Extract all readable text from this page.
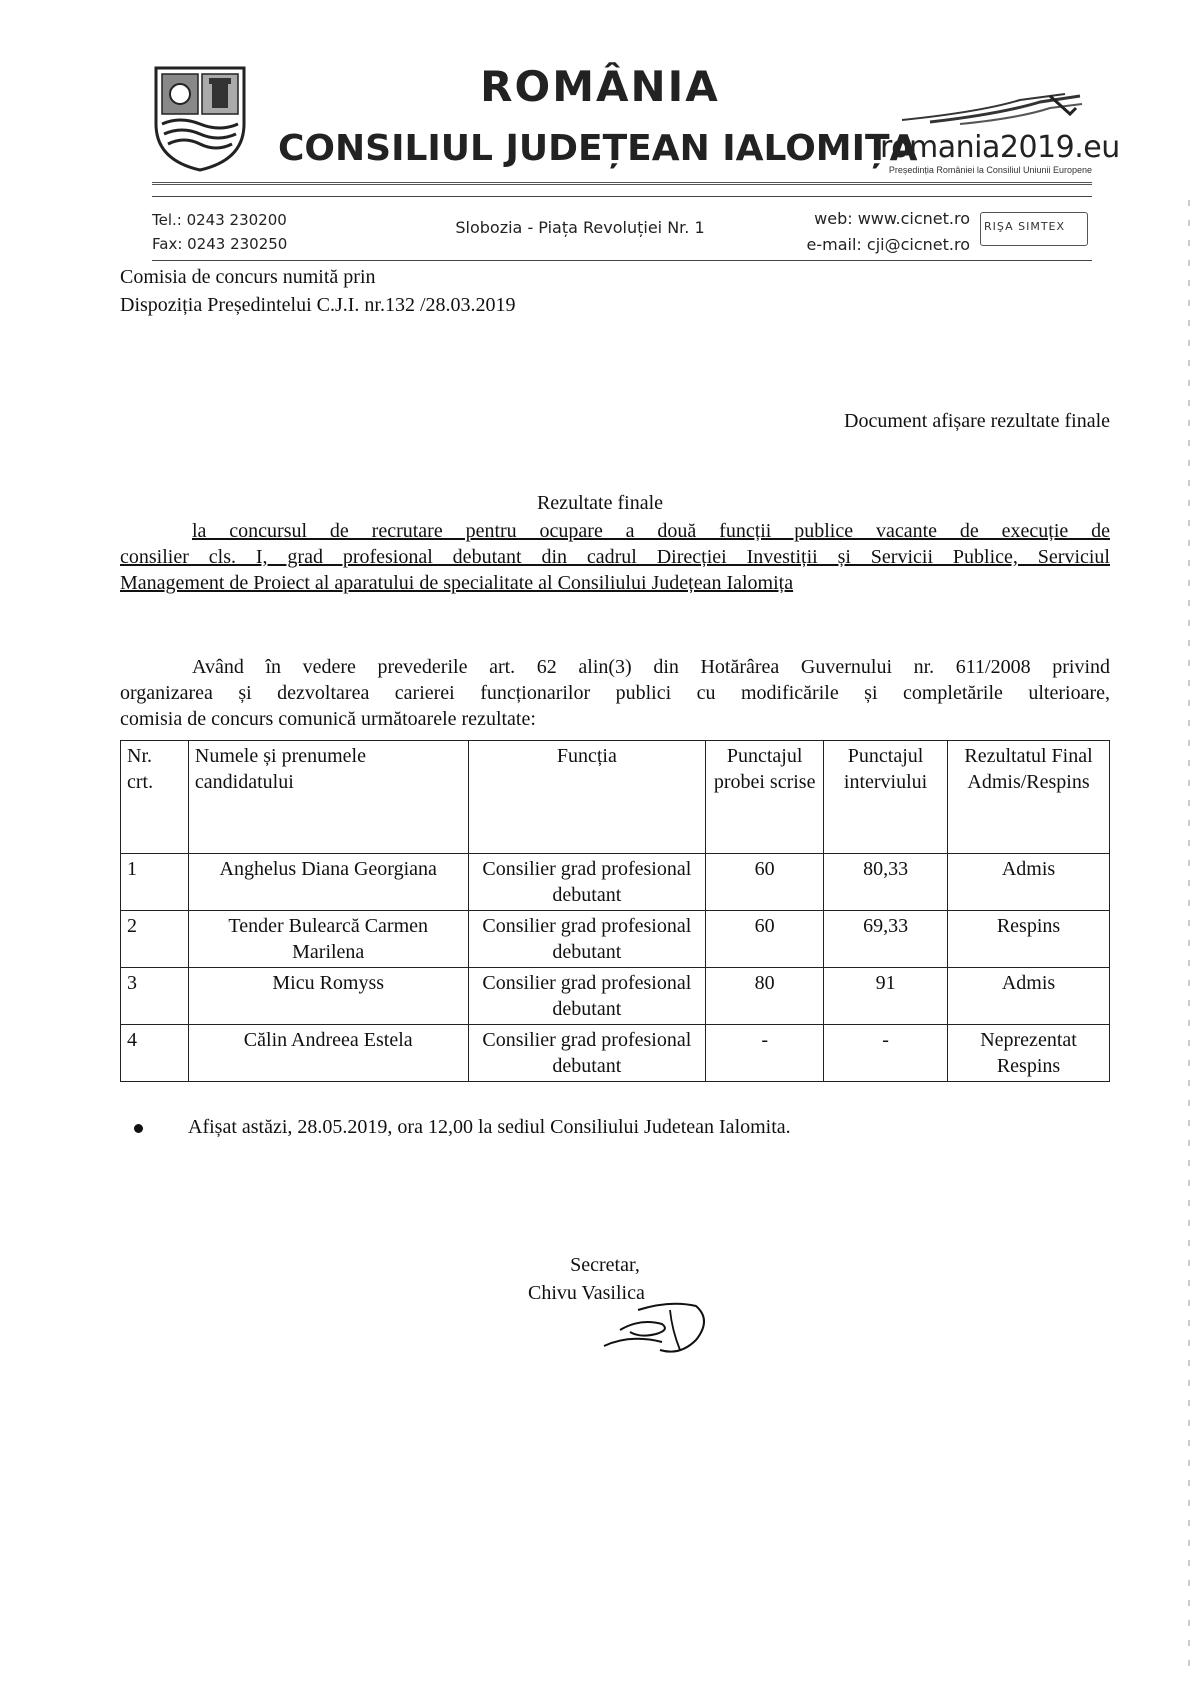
ROMÂNIA
CONSILIUL JUDEȚEAN IALOMIȚA
romania2019.eu
Președinția României la Consiliul Uniunii Europene
Tel.: 0243 230200
Fax: 0243 230250
Slobozia - Piața Revoluției Nr. 1	web: www.cicnet.ro
e-mail: cji@cicnet.ro
RIŞA SIMTEX
Comisia de concurs numită prin
Dispoziția Președintelui C.J.I. nr.132 /28.03.2019
Document afișare rezultate finale
Rezultate finale
la concursul de recrutare pentru ocupare a două funcții publice vacante de execuție de
consilier cls. I, grad profesional debutant din cadrul Direcției Investiții și Servicii Publice, Serviciul
Management de Proiect al aparatului de specialitate al Consiliului Județean Ialomița
Având în vedere prevederile art. 62 alin(3) din Hotărârea Guvernului nr. 611/2008 privind
organizarea și dezvoltarea carierei funcționarilor publici cu modificările și completările ulterioare,
comisia de concurs comunică următoarele rezultate:
Nr. crt.	Numele și prenumele candidatului	Funcția	Punctajul probei scrise	Punctajul interviului	Rezultatul Final Admis/Respins
1	Anghelus Diana Georgiana	Consilier grad profesional debutant	60	80,33	Admis
2	Tender Bulearcă Carmen Marilena	Consilier grad profesional debutant	60	69,33	Respins
3	Micu Romyss	Consilier grad profesional debutant	80	91	Admis
4	Călin Andreea Estela	Consilier grad profesional debutant	-	-	Neprezentat Respins
Afișat astăzi, 28.05.2019, ora 12,00 la sediul Consiliului Judetean Ialomita.
Secretar,
Chivu Vasilica
